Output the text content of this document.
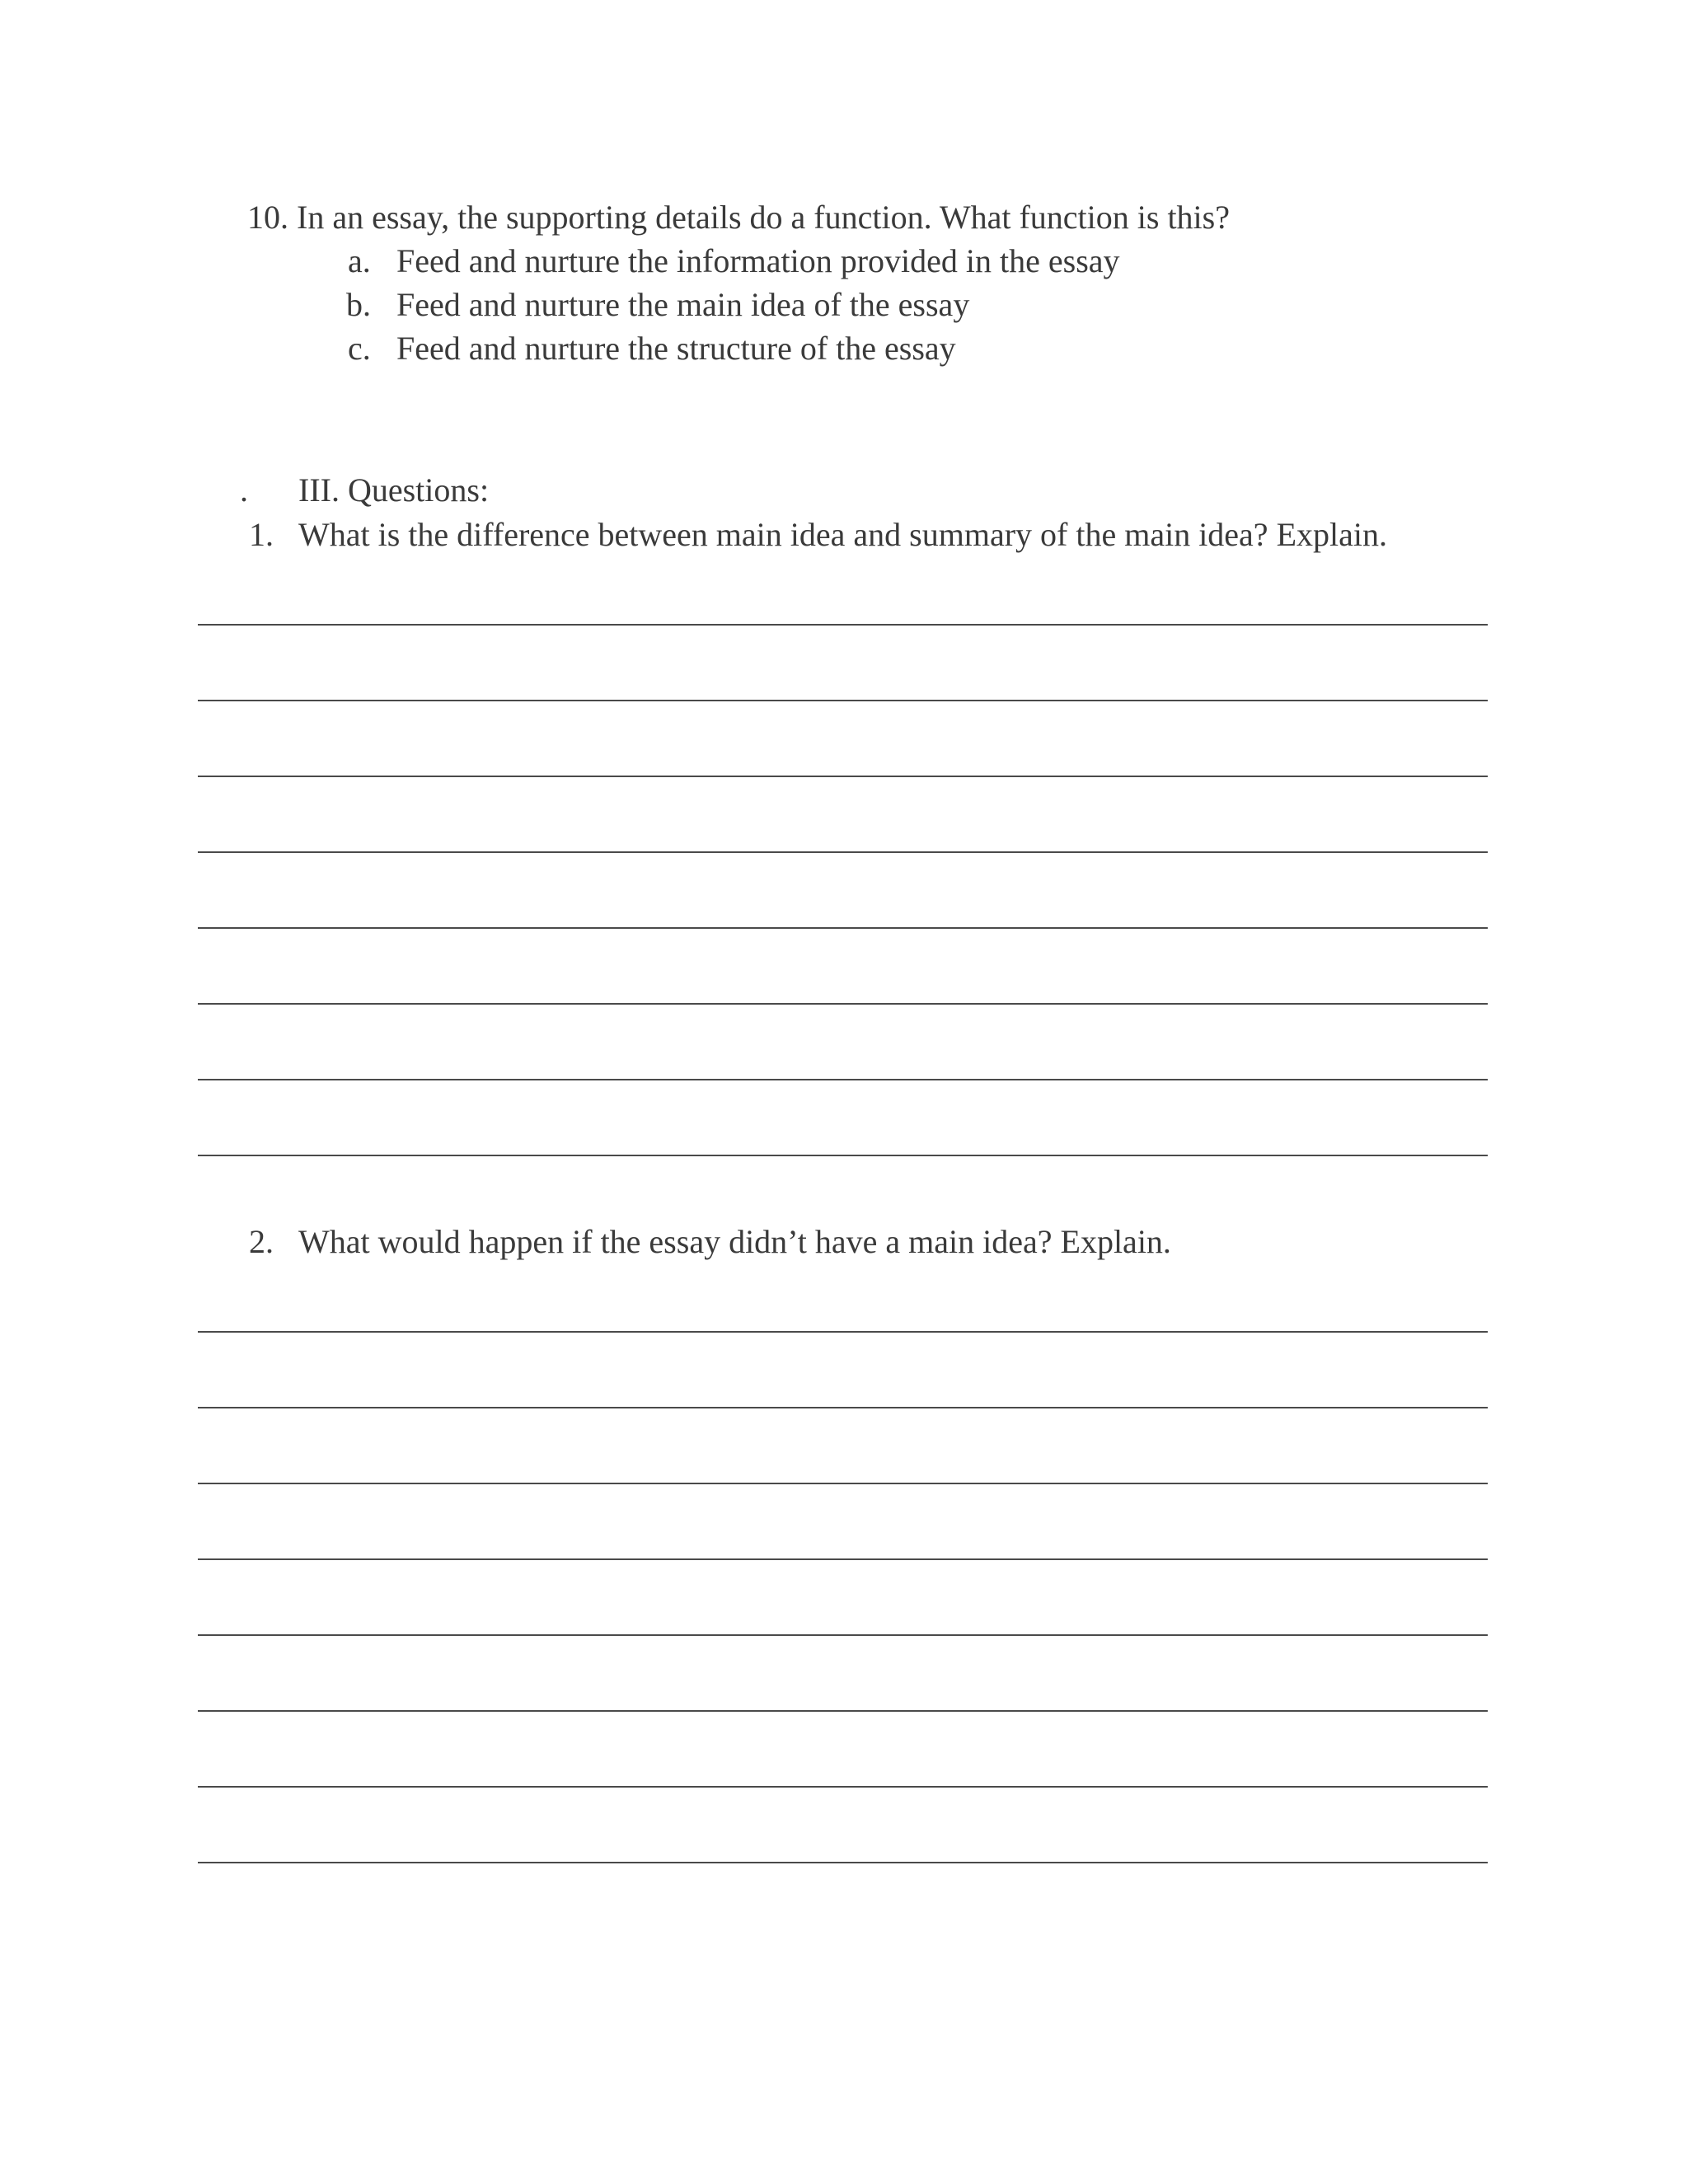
10. In an essay, the supporting details do a function. What function is this?
a. Feed and nurture the information provided in the essay
b. Feed and nurture the main idea of the essay
c. Feed and nurture the structure of the essay
. III. Questions:
1. What is the difference between main idea and summary of the main idea? Explain.
2. What would happen if the essay didn’t have a main idea? Explain.
